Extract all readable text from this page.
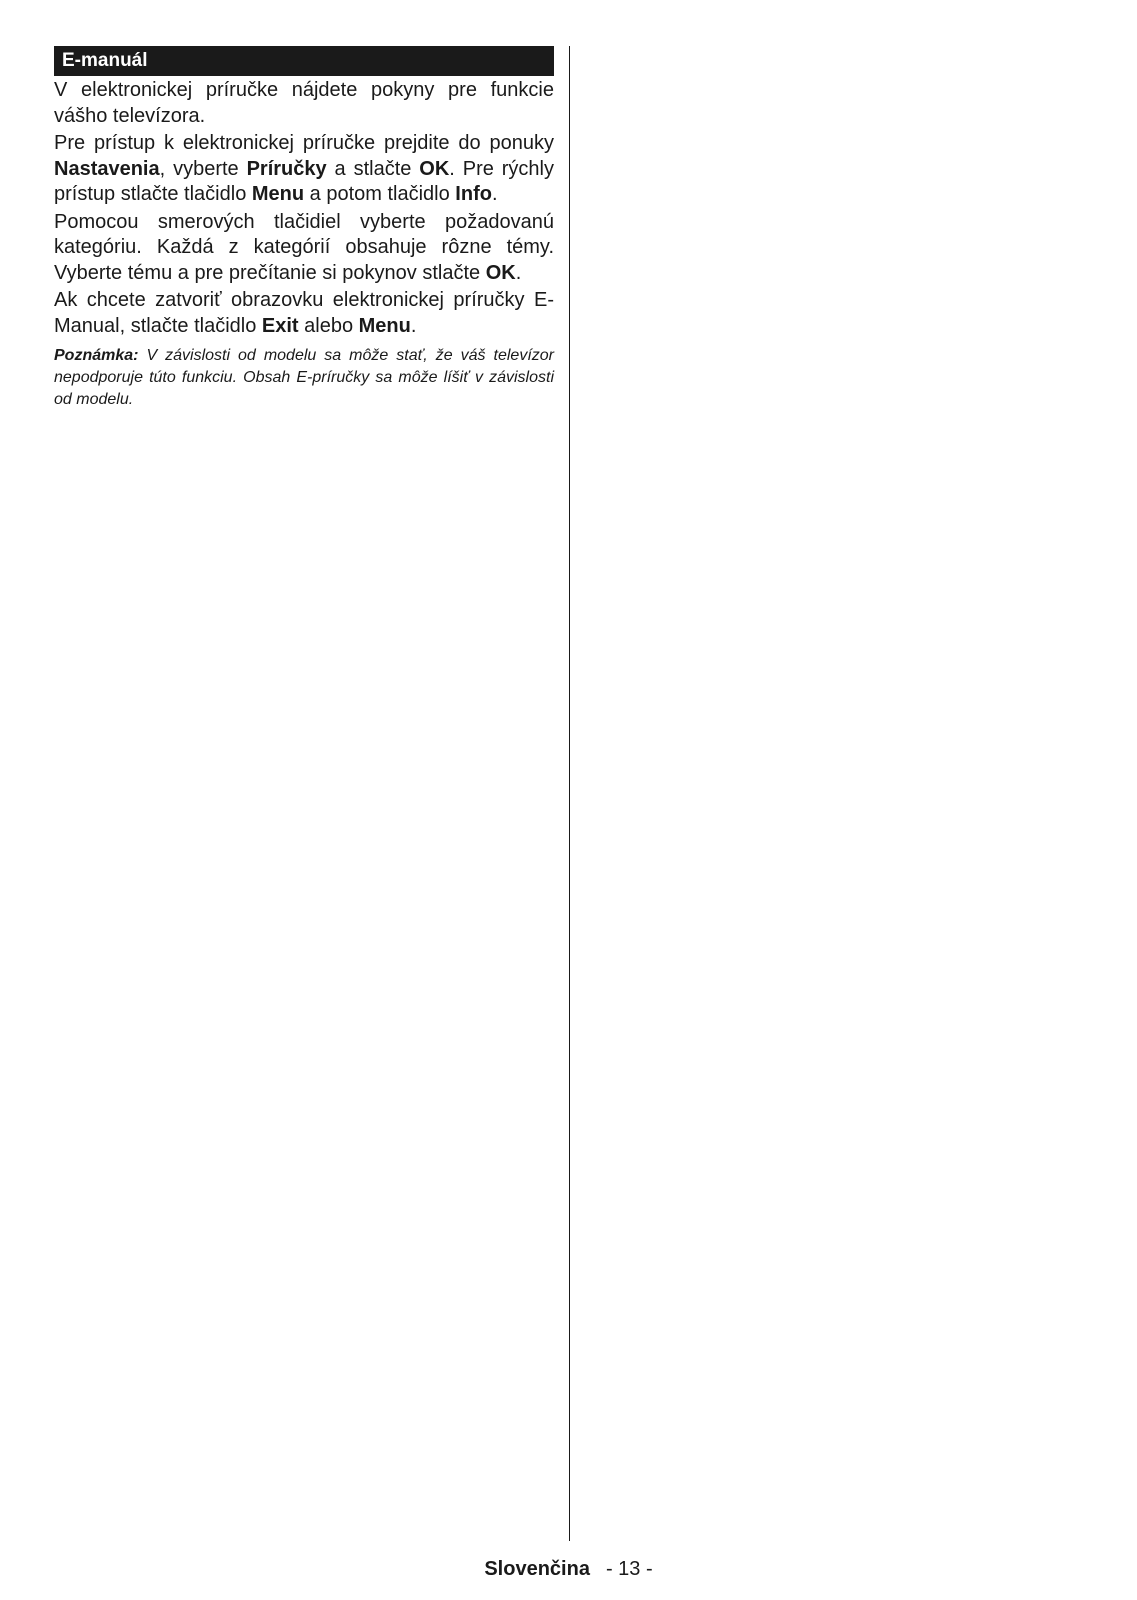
E-manuál

V elektronickej príručke nájdete pokyny pre funkcie vášho televízora.

Pre prístup k elektronickej príručke prejdite do ponuky Nastavenia, vyberte Príručky a stlačte OK. Pre rýchly prístup stlačte tlačidlo Menu a potom tlačidlo Info.

Pomocou smerových tlačidiel vyberte požadovanú kategóriu. Každá z kategórií obsahuje rôzne témy. Vyberte tému a pre prečítanie si pokynov stlačte OK.

Ak chcete zatvoriť obrazovku elektronickej príručky E-Manual, stlačte tlačidlo Exit alebo Menu.

Poznámka: V závislosti od modelu sa môže stať, že váš televízor nepodporuje túto funkciu. Obsah E-príručky sa môže líšiť v závislosti od modelu.

Slovenčina - 13 -
